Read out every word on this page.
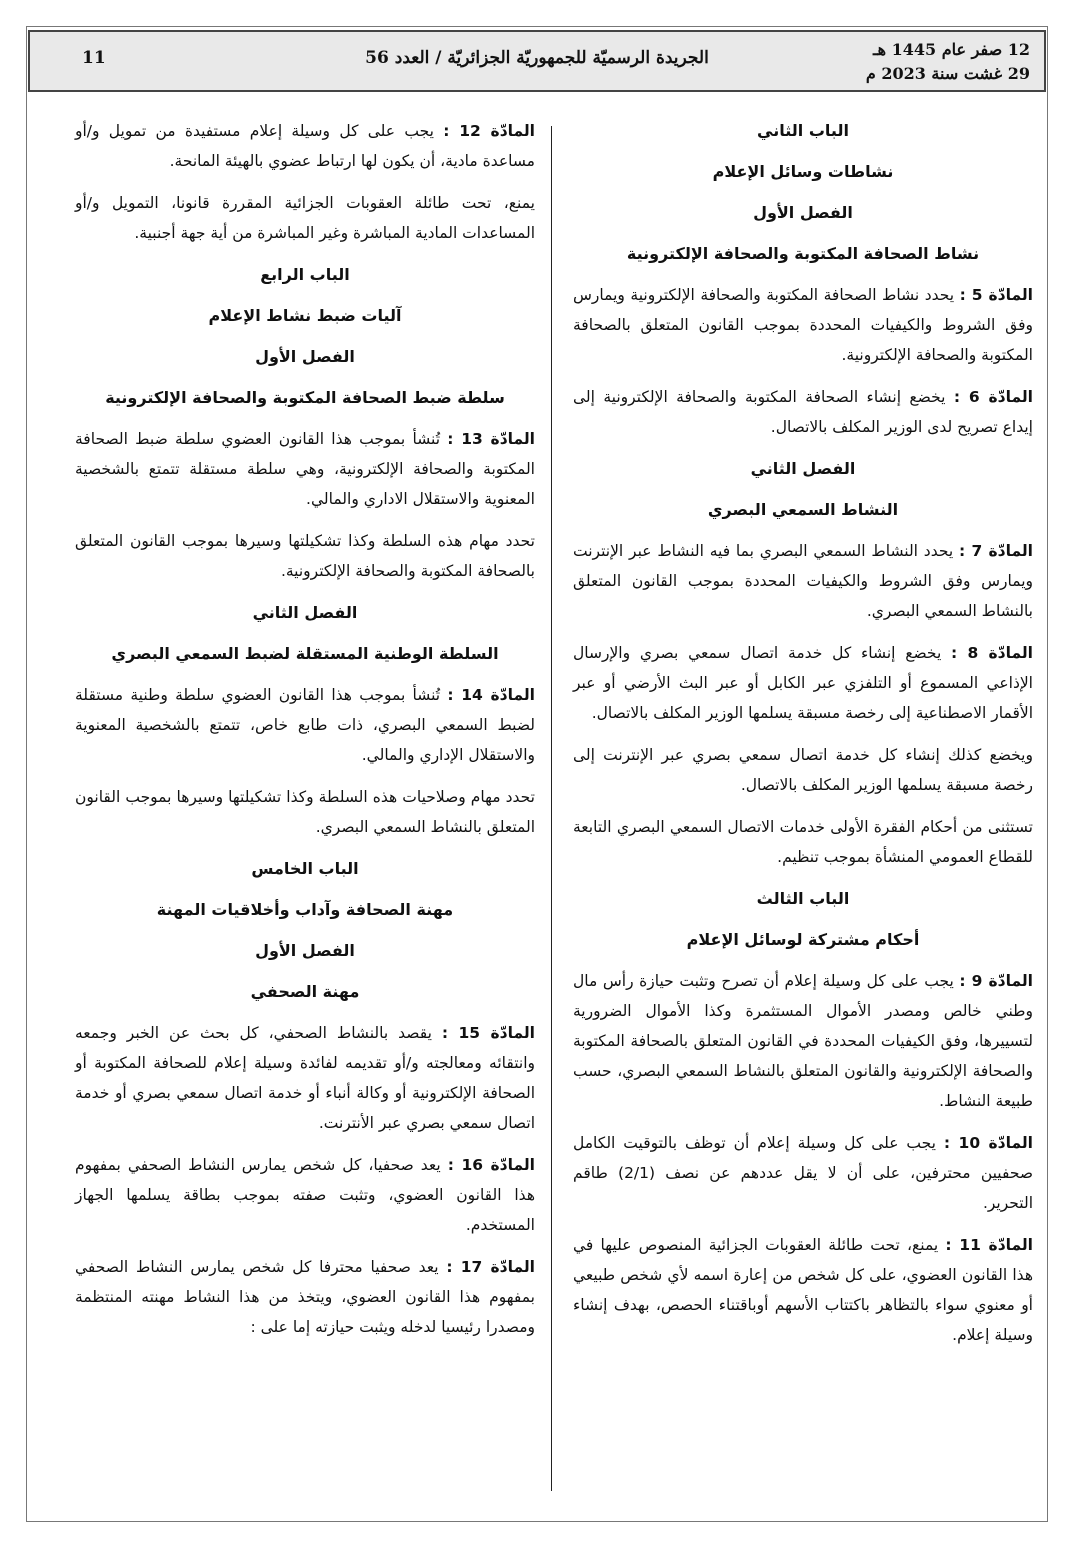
12 صفر عام 1445 هـ
29 غشت سنة 2023 م
الجريدة الرسميّة للجمهوريّة الجزائريّة / العدد 56
11
الباب الثاني
نشاطات وسائل الإعلام
الفصل الأول
نشاط الصحافة المكتوبة والصحافة الإلكترونية
المادّة 5 : يحدد نشاط الصحافة المكتوبة والصحافة الإلكترونية ويمارس وفق الشروط والكيفيات المحددة بموجب القانون المتعلق بالصحافة المكتوبة والصحافة الإلكترونية.
المادّة 6 : يخضع إنشاء الصحافة المكتوبة والصحافة الإلكترونية إلى إيداع تصريح لدى الوزير المكلف بالاتصال.
الفصل الثاني
النشاط السمعي البصري
المادّة 7 : يحدد النشاط السمعي البصري بما فيه النشاط عبر الإنترنت ويمارس وفق الشروط والكيفيات المحددة بموجب القانون المتعلق بالنشاط السمعي البصري.
المادّة 8 : يخضع إنشاء كل خدمة اتصال سمعي بصري والإرسال الإذاعي المسموع أو التلفزي عبر الكابل أو عبر البث الأرضي أو عبر الأقمار الاصطناعية إلى رخصة مسبقة يسلمها الوزير المكلف بالاتصال.
ويخضع كذلك إنشاء كل خدمة اتصال سمعي بصري عبر الإنترنت إلى رخصة مسبقة يسلمها الوزير المكلف بالاتصال.
تستثنى من أحكام الفقرة الأولى خدمات الاتصال السمعي البصري التابعة للقطاع العمومي المنشأة بموجب تنظيم.
الباب الثالث
أحكام مشتركة لوسائل الإعلام
المادّة 9 : يجب على كل وسيلة إعلام أن تصرح وتثبت حيازة رأس مال وطني خالص ومصدر الأموال المستثمرة وكذا الأموال الضرورية لتسييرها، وفق الكيفيات المحددة في القانون المتعلق بالصحافة المكتوبة والصحافة الإلكترونية والقانون المتعلق بالنشاط السمعي البصري، حسب طبيعة النشاط.
المادّة 10 : يجب على كل وسيلة إعلام أن توظف بالتوقيت الكامل صحفيين محترفين، على أن لا يقل عددهم عن نصف (2/1) طاقم التحرير.
المادّة 11 : يمنع، تحت طائلة العقوبات الجزائية المنصوص عليها في هذا القانون العضوي، على كل شخص من إعارة اسمه لأي شخص طبيعي أو معنوي سواء بالتظاهر باكتتاب الأسهم أوباقتناء الحصص، بهدف إنشاء وسيلة إعلام.
المادّة 12 : يجب على كل وسيلة إعلام مستفيدة من تمويل و/أو مساعدة مادية، أن يكون لها ارتباط عضوي بالهيئة المانحة.
يمنع، تحت طائلة العقوبات الجزائية المقررة قانونا، التمويل و/أو المساعدات المادية المباشرة وغير المباشرة من أية جهة أجنبية.
الباب الرابع
آليات ضبط نشاط الإعلام
الفصل الأول
سلطة ضبط الصحافة المكتوبة والصحافة الإلكترونية
المادّة 13 : تُنشأ بموجب هذا القانون العضوي سلطة ضبط الصحافة المكتوبة والصحافة الإلكترونية، وهي سلطة مستقلة تتمتع بالشخصية المعنوية والاستقلال الاداري والمالي.
تحدد مهام هذه السلطة وكذا تشكيلتها وسيرها بموجب القانون المتعلق بالصحافة المكتوبة والصحافة الإلكترونية.
الفصل الثاني
السلطة الوطنية المستقلة لضبط السمعي البصري
المادّة 14 : تُنشأ بموجب هذا القانون العضوي سلطة وطنية مستقلة لضبط السمعي البصري، ذات طابع خاص، تتمتع بالشخصية المعنوية والاستقلال الإداري والمالي.
تحدد مهام وصلاحيات هذه السلطة وكذا تشكيلتها وسيرها بموجب القانون المتعلق بالنشاط السمعي البصري.
الباب الخامس
مهنة الصحافة وآداب وأخلاقيات المهنة
الفصل الأول
مهنة الصحفي
المادّة 15 : يقصد بالنشاط الصحفي، كل بحث عن الخبر وجمعه وانتقائه ومعالجته و/أو تقديمه لفائدة وسيلة إعلام للصحافة المكتوبة أو الصحافة الإلكترونية أو وكالة أنباء أو خدمة اتصال سمعي بصري أو خدمة اتصال سمعي بصري عبر الأنترنت.
المادّة 16 : يعد صحفيا، كل شخص يمارس النشاط الصحفي بمفهوم هذا القانون العضوي، وتثبت صفته بموجب بطاقة يسلمها الجهاز المستخدم.
المادّة 17 : يعد صحفيا محترفا كل شخص يمارس النشاط الصحفي بمفهوم هذا القانون العضوي، ويتخذ من هذا النشاط مهنته المنتظمة ومصدرا رئيسيا لدخله ويثبت حيازته إما على :
